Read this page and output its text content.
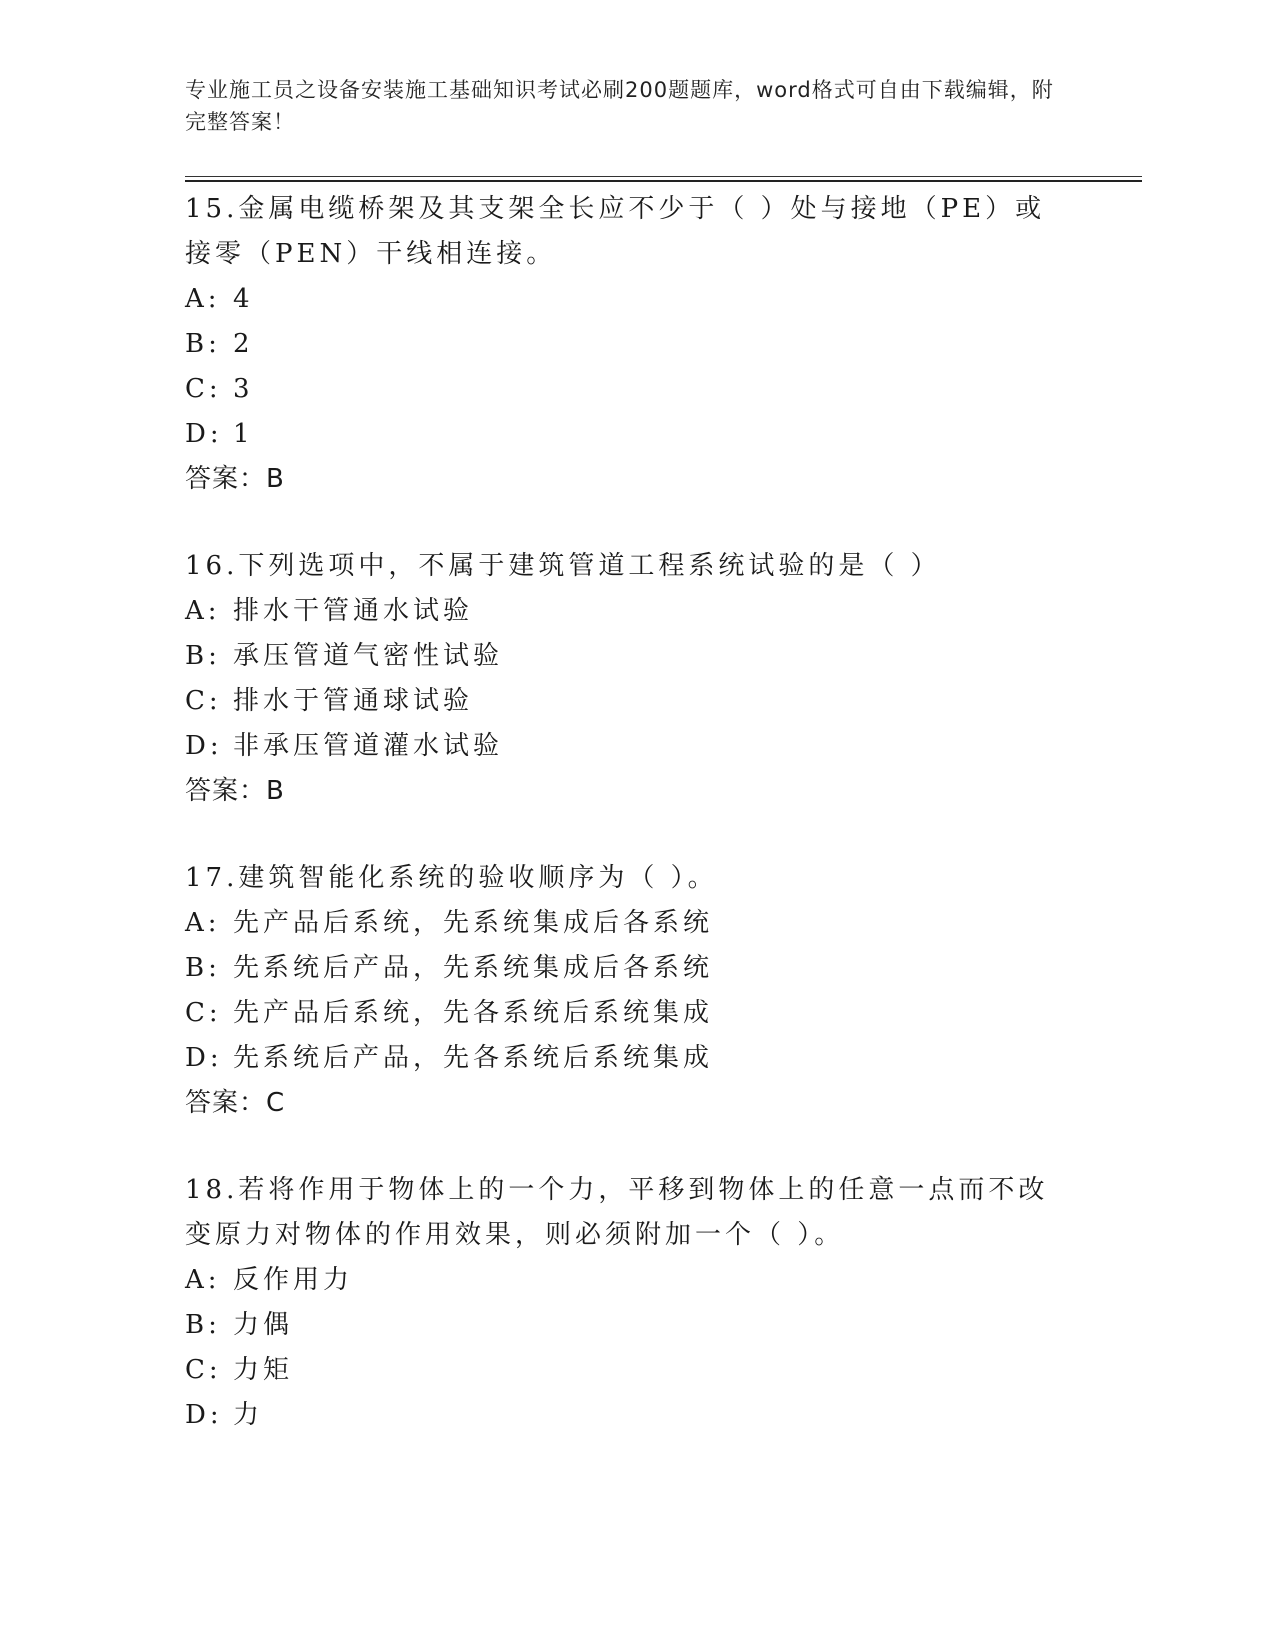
专业施工员之设备安装施工基础知识考试必刷200题题库，word格式可自由下载编辑，附完整答案！

15.金属电缆桥架及其支架全长应不少于（ ）处与接地（PE）或接零（PEN）干线相连接。

A: 4
B: 2
C: 3
D: 1

答案：B

16.下列选项中，不属于建筑管道工程系统试验的是（ ）

A: 排水干管通水试验
B: 承压管道气密性试验
C: 排水于管通球试验
D: 非承压管道灌水试验

答案：B

17.建筑智能化系统的验收顺序为（ ）。

A: 先产品后系统，先系统集成后各系统
B: 先系统后产品，先系统集成后各系统
C: 先产品后系统，先各系统后系统集成
D: 先系统后产品，先各系统后系统集成

答案：C

18.若将作用于物体上的一个力，平移到物体上的任意一点而不改变原力对物体的作用效果，则必须附加一个（ ）。

A: 反作用力
B: 力偶
C: 力矩
D: 力
